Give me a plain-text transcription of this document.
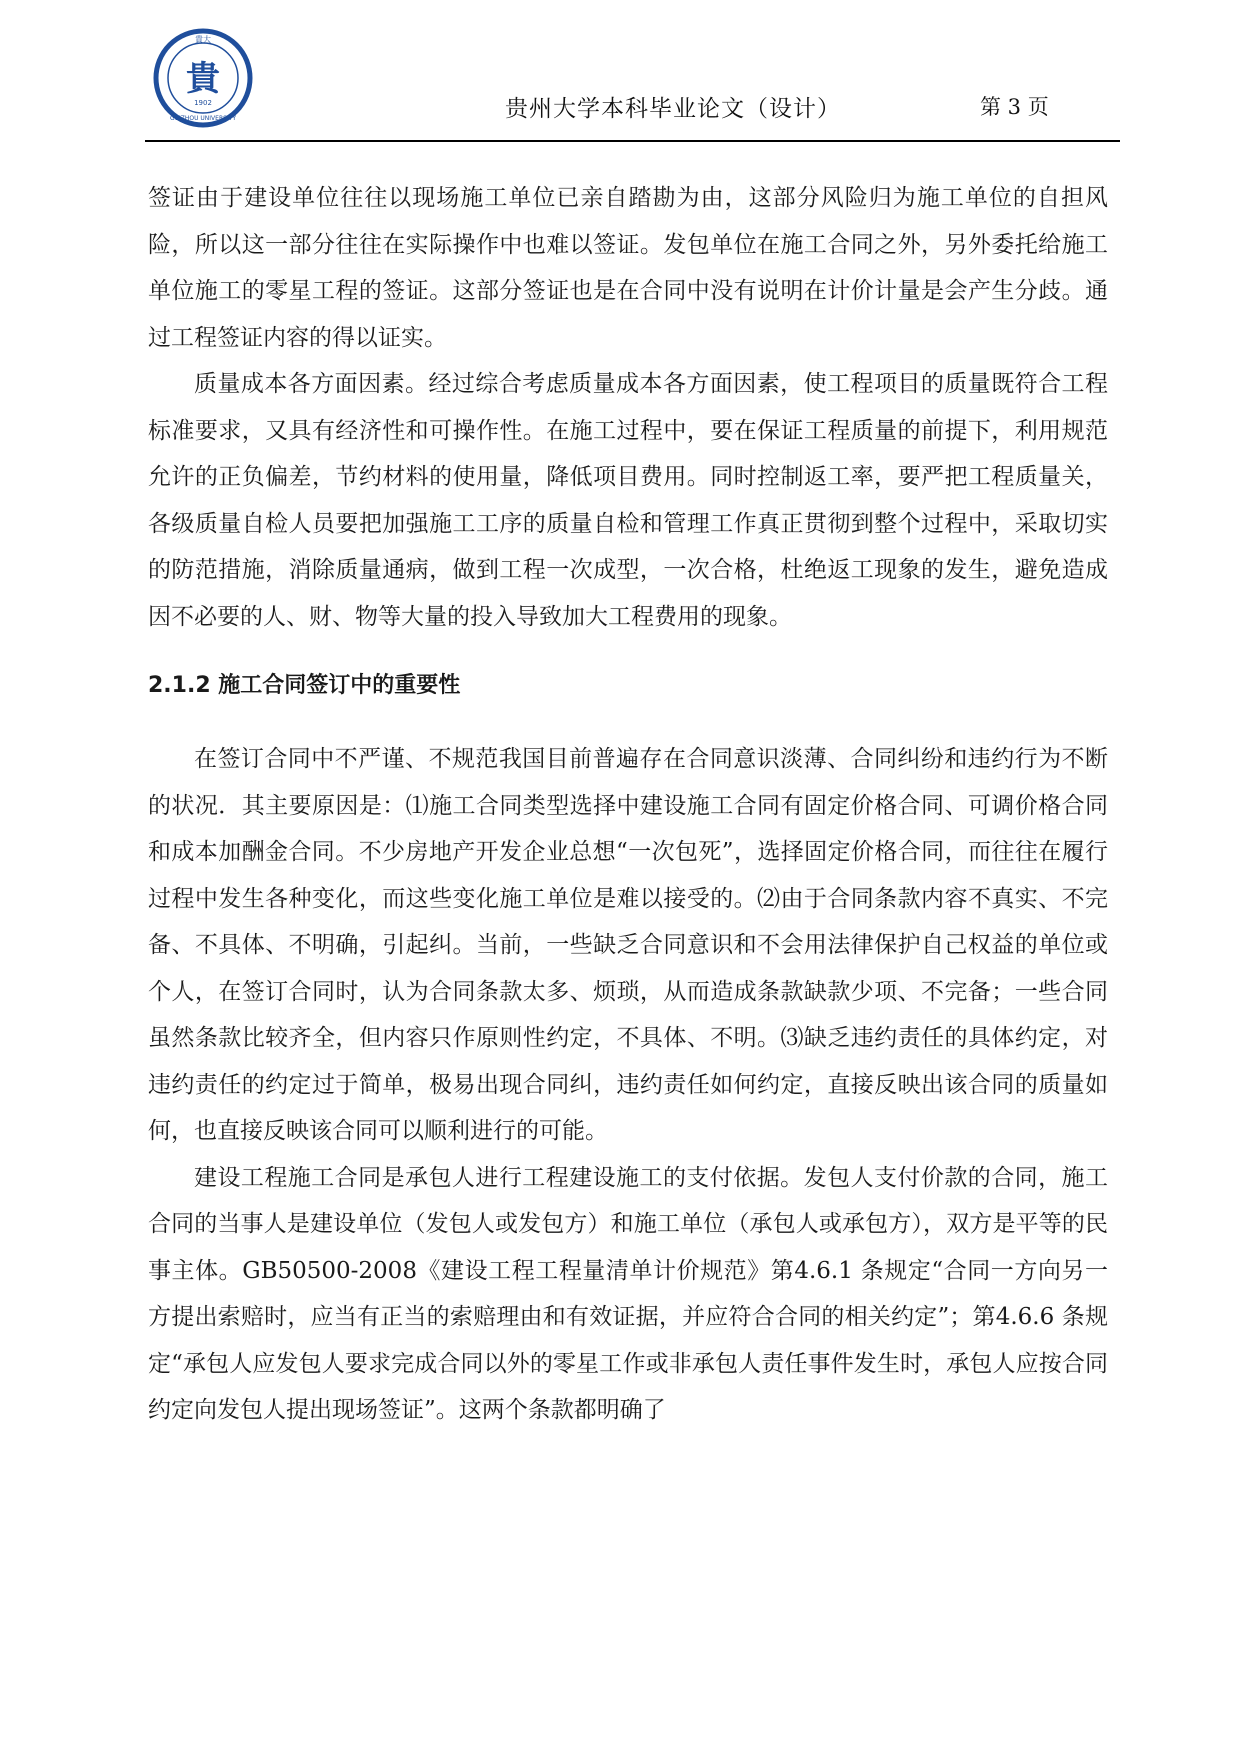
貴大
GUIZHOU UNIVERSITY
貴
1902	贵州大学本科毕业论文（设计）	第 3 页

签证由于建设单位往往以现场施工单位已亲自踏勘为由，这部分风险归为施工单位的自担风险，所以这一部分往往在实际操作中也难以签证。发包单位在施工合同之外，另外委托给施工单位施工的零星工程的签证。这部分签证也是在合同中没有说明在计价计量是会产生分歧。通过工程签证内容的得以证实。

质量成本各方面因素。经过综合考虑质量成本各方面因素，使工程项目的质量既符合工程标准要求，又具有经济性和可操作性。在施工过程中，要在保证工程质量的前提下，利用规范允许的正负偏差，节约材料的使用量，降低项目费用。同时控制返工率，要严把工程质量关，各级质量自检人员要把加强施工工序的质量自检和管理工作真正贯彻到整个过程中，采取切实的防范措施，消除质量通病，做到工程一次成型，一次合格，杜绝返工现象的发生，避免造成因不必要的人、财、物等大量的投入导致加大工程费用的现象。

2.1.2 施工合同签订中的重要性

在签订合同中不严谨、不规范我国目前普遍存在合同意识淡薄、合同纠纷和违约行为不断的状况．其主要原因是：⑴施工合同类型选择中建设施工合同有固定价格合同、可调价格合同和成本加酬金合同。不少房地产开发企业总想“一次包死”，选择固定价格合同，而往往在履行过程中发生各种变化，而这些变化施工单位是难以接受的。⑵由于合同条款内容不真实、不完备、不具体、不明确，引起纠。当前，一些缺乏合同意识和不会用法律保护自己权益的单位或个人，在签订合同时，认为合同条款太多、烦琐，从而造成条款缺款少项、不完备；一些合同虽然条款比较齐全，但内容只作原则性约定，不具体、不明。⑶缺乏违约责任的具体约定，对违约责任的约定过于简单，极易出现合同纠，违约责任如何约定，直接反映出该合同的质量如何，也直接反映该合同可以顺利进行的可能。

建设工程施工合同是承包人进行工程建设施工的支付依据。发包人支付价款的合同，施工合同的当事人是建设单位（发包人或发包方）和施工单位（承包人或承包方），双方是平等的民事主体。GB50500-2008《建设工程工程量清单计价规范》第4.6.1 条规定“合同一方向另一方提出索赔时，应当有正当的索赔理由和有效证据，并应符合合同的相关约定”；第4.6.6 条规定“承包人应发包人要求完成合同以外的零星工作或非承包人责任事件发生时，承包人应按合同约定向发包人提出现场签证”。这两个条款都明确了
